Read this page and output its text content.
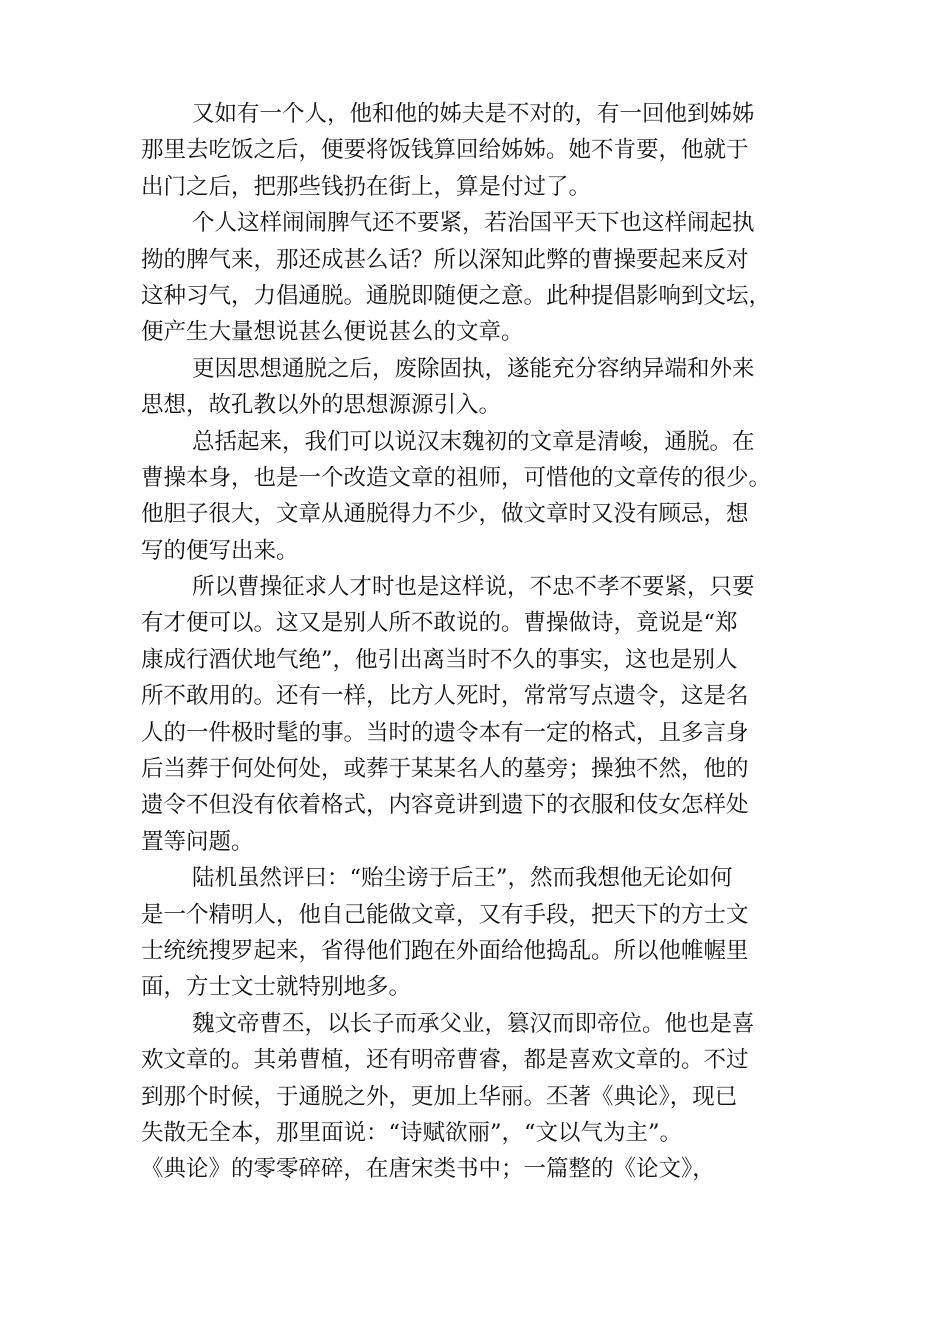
又如有一个人，他和他的姊夫是不对的，有一回他到姊姊
那里去吃饭之后，便要将饭钱算回给姊姊。她不肯要，他就于
出门之后，把那些钱扔在街上，算是付过了。
个人这样闹闹脾气还不要紧，若治国平天下也这样闹起执
拗的脾气来，那还成甚么话？所以深知此弊的曹操要起来反对
这种习气，力倡通脱。通脱即随便之意。此种提倡影响到文坛，
便产生大量想说甚么便说甚么的文章。
更因思想通脱之后，废除固执，遂能充分容纳异端和外来
思想，故孔教以外的思想源源引入。
总括起来，我们可以说汉末魏初的文章是清峻，通脱。在
曹操本身，也是一个改造文章的祖师，可惜他的文章传的很少。
他胆子很大，文章从通脱得力不少，做文章时又没有顾忌，想
写的便写出来。
所以曹操征求人才时也是这样说，不忠不孝不要紧，只要
有才便可以。这又是别人所不敢说的。曹操做诗，竟说是“郑
康成行酒伏地气绝”，他引出离当时不久的事实，这也是别人
所不敢用的。还有一样，比方人死时，常常写点遗令，这是名
人的一件极时髦的事。当时的遗令本有一定的格式，且多言身
后当葬于何处何处，或葬于某某名人的墓旁；操独不然，他的
遗令不但没有依着格式，内容竟讲到遗下的衣服和伎女怎样处
置等问题。
陆机虽然评曰：“贻尘谤于后王”，然而我想他无论如何
是一个精明人，他自己能做文章，又有手段，把天下的方士文
士统统搜罗起来，省得他们跑在外面给他捣乱。所以他帷幄里
面，方士文士就特别地多。
魏文帝曹丕，以长子而承父业，篡汉而即帝位。他也是喜
欢文章的。其弟曹植，还有明帝曹睿，都是喜欢文章的。不过
到那个时候，于通脱之外，更加上华丽。丕著《典论》，现已
失散无全本，那里面说：“诗赋欲丽”，“文以气为主”。
《典论》的零零碎碎，在唐宋类书中；一篇整的《论文》，
